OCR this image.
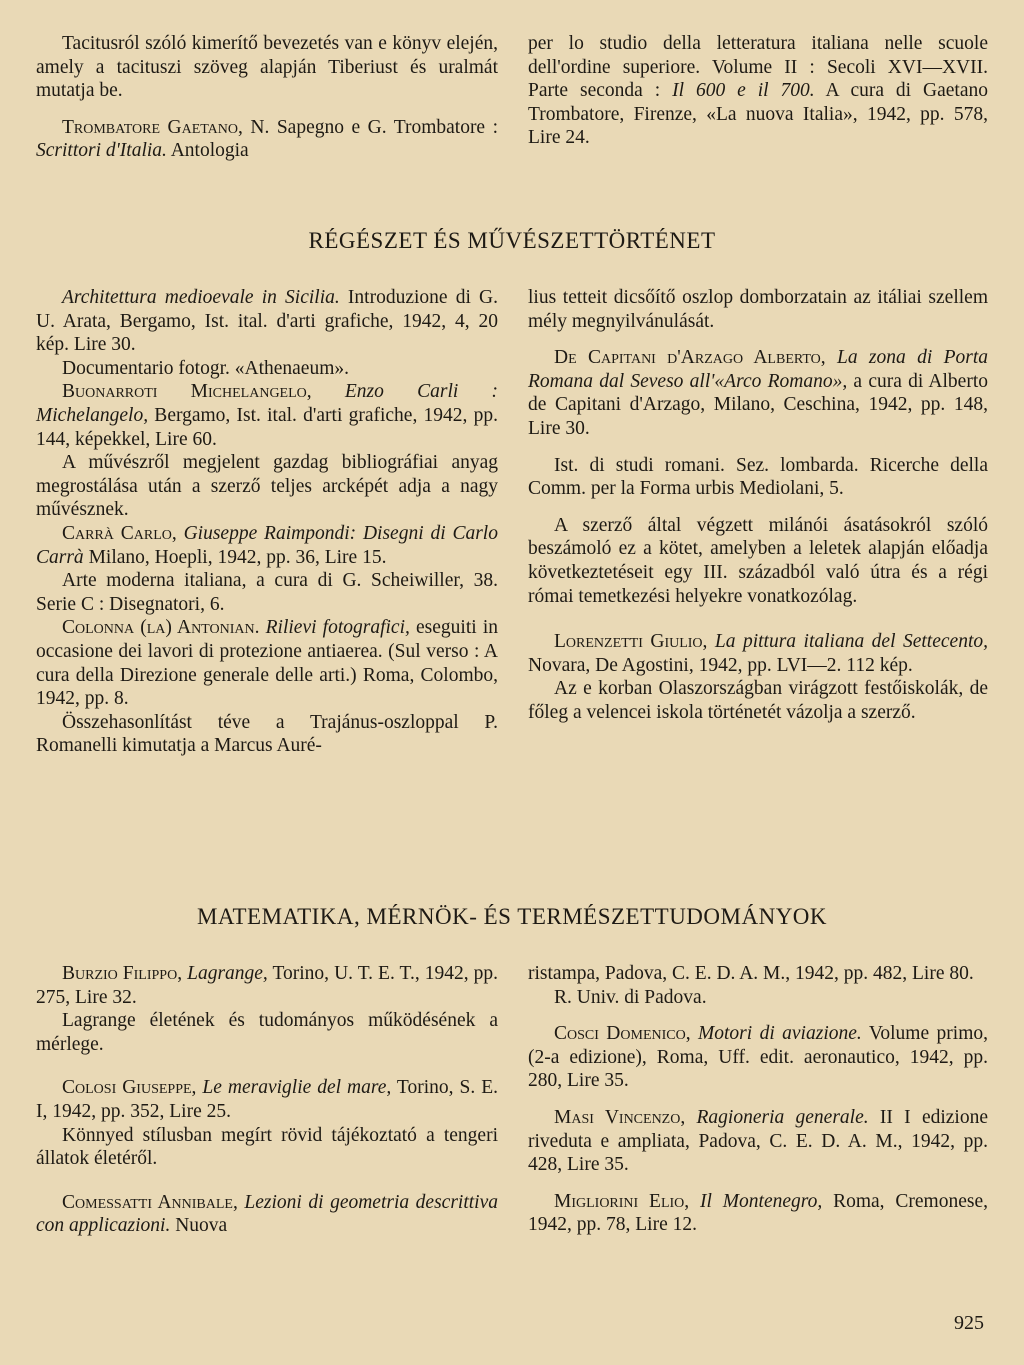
Tacitusról szóló kimerítő bevezetés van e könyv elején, amely a tacituszi szöveg alapján Tiberiust és uralmát mutatja be.

Trombatore Gaetano, N. Sapegno e G. Trombatore : Scrittori d'Italia. Antologia

per lo studio della letteratura italiana nelle scuole dell'ordine superiore. Volume II : Secoli XVI—XVII. Parte seconda : Il 600 e il 700. A cura di Gaetano Trombatore, Firenze, «La nuova Italia», 1942, pp. 578, Lire 24.

RÉGÉSZET ÉS MŰVÉSZETTÖRTÉNET

Architettura medioevale in Sicilia. Introduzione di G. U. Arata, Bergamo, Ist. ital. d'arti grafiche, 1942, 4, 20 kép. Lire 30.

Documentario fotogr. «Athenaeum».

Buonarroti Michelangelo, Enzo Carli : Michelangelo, Bergamo, Ist. ital. d'arti grafiche, 1942, pp. 144, képekkel, Lire 60.

A művészről megjelent gazdag bibliográfiai anyag megrostálása után a szerző teljes arcképét adja a nagy művésznek.

Carrà Carlo, Giuseppe Raimpondi: Disegni di Carlo Carrà Milano, Hoepli, 1942, pp. 36, Lire 15.

Arte moderna italiana, a cura di G. Scheiwiller, 38. Serie C : Disegnatori, 6.

Colonna (la) Antonian. Rilievi fotografici, eseguiti in occasione dei lavori di protezione antiaerea. (Sul verso : A cura della Direzione generale delle arti.) Roma, Colombo, 1942, pp. 8.

Összehasonlítást téve a Trajánus-oszloppal P. Romanelli kimutatja a Marcus Auré-

lius tetteit dicsőítő oszlop domborzatain az itáliai szellem mély megnyilvánulását.

De Capitani d'Arzago Alberto, La zona di Porta Romana dal Seveso all'«Arco Romano», a cura di Alberto de Capitani d'Arzago, Milano, Ceschina, 1942, pp. 148, Lire 30.

Ist. di studi romani. Sez. lombarda. Ricerche della Comm. per la Forma urbis Mediolani, 5.

A szerző által végzett milánói ásatásokról szóló beszámoló ez a kötet, amelyben a leletek alapján előadja következtetéseit egy III. századból való útra és a régi római temetkezési helyekre vonatkozólag.

Lorenzetti Giulio, La pittura italiana del Settecento, Novara, De Agostini, 1942, pp. LVI—2. 112 kép.

Az e korban Olaszországban virágzott festőiskolák, de főleg a velencei iskola történetét vázolja a szerző.

MATEMATIKA, MÉRNÖK- ÉS TERMÉSZETTUDOMÁNYOK

Burzio Filippo, Lagrange, Torino, U. T. E. T., 1942, pp. 275, Lire 32.

Lagrange életének és tudományos működésének a mérlege.

Colosi Giuseppe, Le meraviglie del mare, Torino, S. E. I, 1942, pp. 352, Lire 25.

Könnyed stílusban megírt rövid tájékoztató a tengeri állatok életéről.

Comessatti Annibale, Lezioni di geometria descrittiva con applicazioni. Nuova

ristampa, Padova, C. E. D. A. M., 1942, pp. 482, Lire 80.

R. Univ. di Padova.

Cosci Domenico, Motori di aviazione. Volume primo, (2-a edizione), Roma, Uff. edit. aeronautico, 1942, pp. 280, Lire 35.

Masi Vincenzo, Ragioneria generale. II I edizione riveduta e ampliata, Padova, C. E. D. A. M., 1942, pp. 428, Lire 35.

Migliorini Elio, Il Montenegro, Roma, Cremonese, 1942, pp. 78, Lire 12.

925
